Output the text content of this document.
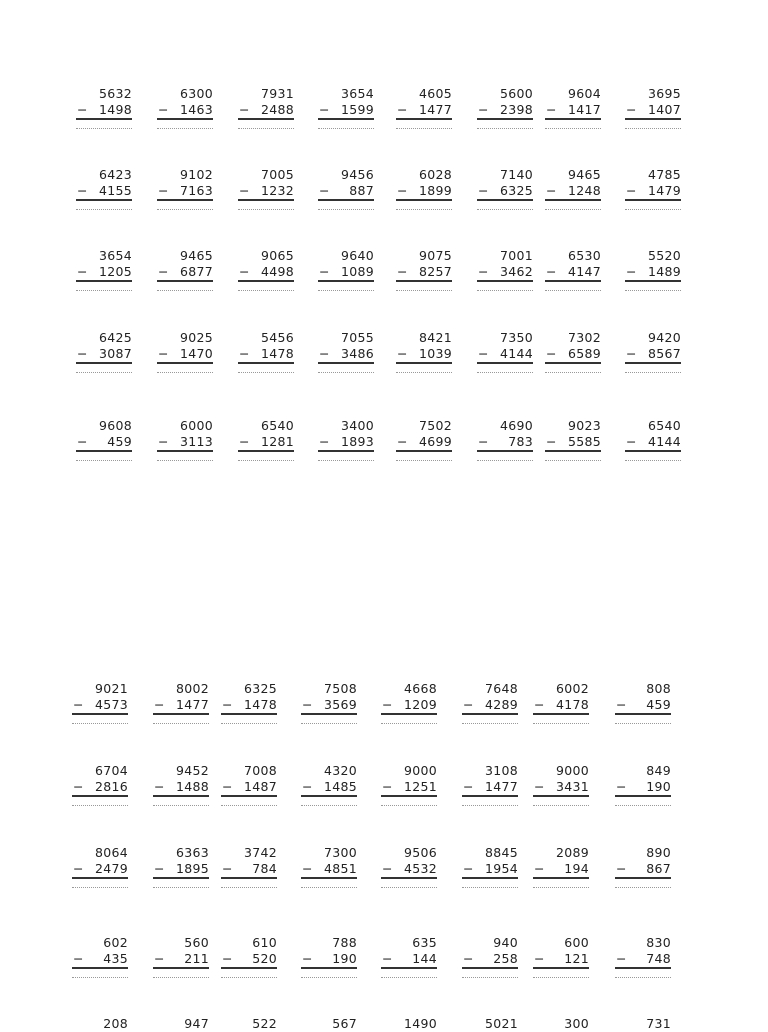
5632
− 1498
6300
− 1463
7931
− 2488
3654
− 1599
4605
− 1477
5600
− 2398
9604
− 1417
3695
− 1407
6423
− 4155
9102
− 7163
7005
− 1232
9456
− 887
6028
− 1899
7140
− 6325
9465
− 1248
4785
− 1479
3654
− 1205
9465
− 6877
9065
− 4498
9640
− 1089
9075
− 8257
7001
− 3462
6530
− 4147
5520
− 1489
6425
− 3087
9025
− 1470
5456
− 1478
7055
− 3486
8421
− 1039
7350
− 4144
7302
− 6589
9420
− 8567
9608
− 459
6000
− 3113
6540
− 1281
3400
− 1893
7502
− 4699
4690
− 783
9023
− 5585
6540
− 4144
9021
− 4573
8002
− 1477
6325
− 1478
7508
− 3569
4668
− 1209
7648
− 4289
6002
− 4178
808
− 459
6704
− 2816
9452
− 1488
7008
− 1487
4320
− 1485
9000
− 1251
3108
− 1477
9000
− 3431
849
− 190
8064
− 2479
6363
− 1895
3742
− 784
7300
− 4851
9506
− 4532
8845
− 1954
2089
− 194
890
− 867
602
− 435
560
− 211
610
− 520
788
− 190
635
− 144
940
− 258
600
− 121
830
− 748
208	947	522	567	1490	5021	300	731
